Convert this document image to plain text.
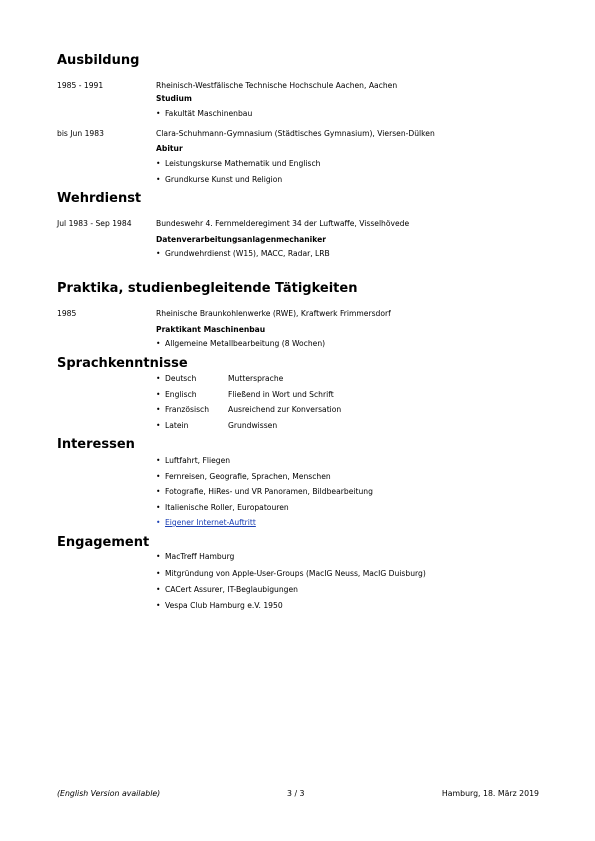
Ausbildung
1985 - 1991	Rheinisch-Westfälische Technische Hochschule Aachen, Aachen
Studium
• Fakultät Maschinenbau
bis Jun 1983	Clara-Schuhmann-Gymnasium (Städtisches Gymnasium), Viersen-Dülken
Abitur
• Leistungskurse Mathematik und Englisch
• Grundkurse Kunst und Religion
Wehrdienst
Jul 1983 - Sep 1984	Bundeswehr 4. Fernmelderegiment 34 der Luftwaffe, Visselhövede
Datenverarbeitungsanlagenmechaniker
• Grundwehrdienst (W15), MACC, Radar, LRB
Praktika, studienbegleitende Tätigkeiten
1985	Rheinische Braunkohlenwerke (RWE), Kraftwerk Frimmersdorf
Praktikant Maschinenbau
• Allgemeine Metallbearbeitung (8 Wochen)
Sprachkenntnisse
• Deutsch	Muttersprache
• Englisch	Fließend in Wort und Schrift
• Französisch Ausreichend zur Konversation
• Latein	Grundwissen
Interessen
• Luftfahrt, Fliegen
• Fernreisen, Geografie, Sprachen, Menschen
• Fotografie, HiRes- und VR Panoramen, Bildbearbeitung
• Italienische Roller, Europatouren
• Eigener Internet-Auftritt
Engagement
• MacTreff Hamburg
• Mitgründung von Apple-User-Groups (MacIG Neuss, MacIG Duisburg)
• CACert Assurer, IT-Beglaubigungen
• Vespa Club Hamburg e.V. 1950
(English Version available)	3 / 3	Hamburg, 18. März 2019
